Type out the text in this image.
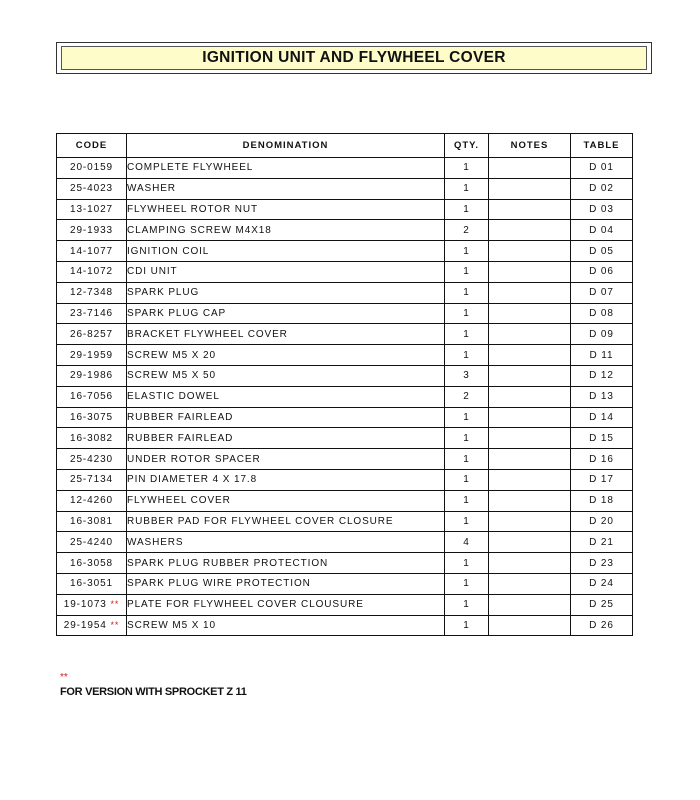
IGNITION UNIT AND FLYWHEEL COVER
CODE	DENOMINATION	QTY.	NOTES	TABLE
20-0159	COMPLETE FLYWHEEL	1		D 01
25-4023	WASHER	1		D 02
13-1027	FLYWHEEL ROTOR NUT	1		D 03
29-1933	CLAMPING SCREW M4X18	2		D 04
14-1077	IGNITION COIL	1		D 05
14-1072	CDI UNIT	1		D 06
12-7348	SPARK PLUG	1		D 07
23-7146	SPARK PLUG CAP	1		D 08
26-8257	BRACKET FLYWHEEL COVER	1		D 09
29-1959	SCREW M5 X 20	1		D 11
29-1986	SCREW M5 X 50	3		D 12
16-7056	ELASTIC DOWEL	2		D 13
16-3075	RUBBER FAIRLEAD	1		D 14
16-3082	RUBBER FAIRLEAD	1		D 15
25-4230	UNDER ROTOR SPACER	1		D 16
25-7134	PIN DIAMETER 4 X 17.8	1		D 17
12-4260	FLYWHEEL COVER	1		D 18
16-3081	RUBBER PAD FOR FLYWHEEL COVER CLOSURE	1		D 20
25-4240	WASHERS	4		D 21
16-3058	SPARK PLUG RUBBER PROTECTION	1		D 23
16-3051	SPARK PLUG WIRE PROTECTION	1		D 24
19-1073 **	PLATE FOR FLYWHEEL COVER CLOUSURE	1		D 25
29-1954 **	SCREW M5 X 10	1		D 26
**
FOR VERSION WITH SPROCKET Z 11
